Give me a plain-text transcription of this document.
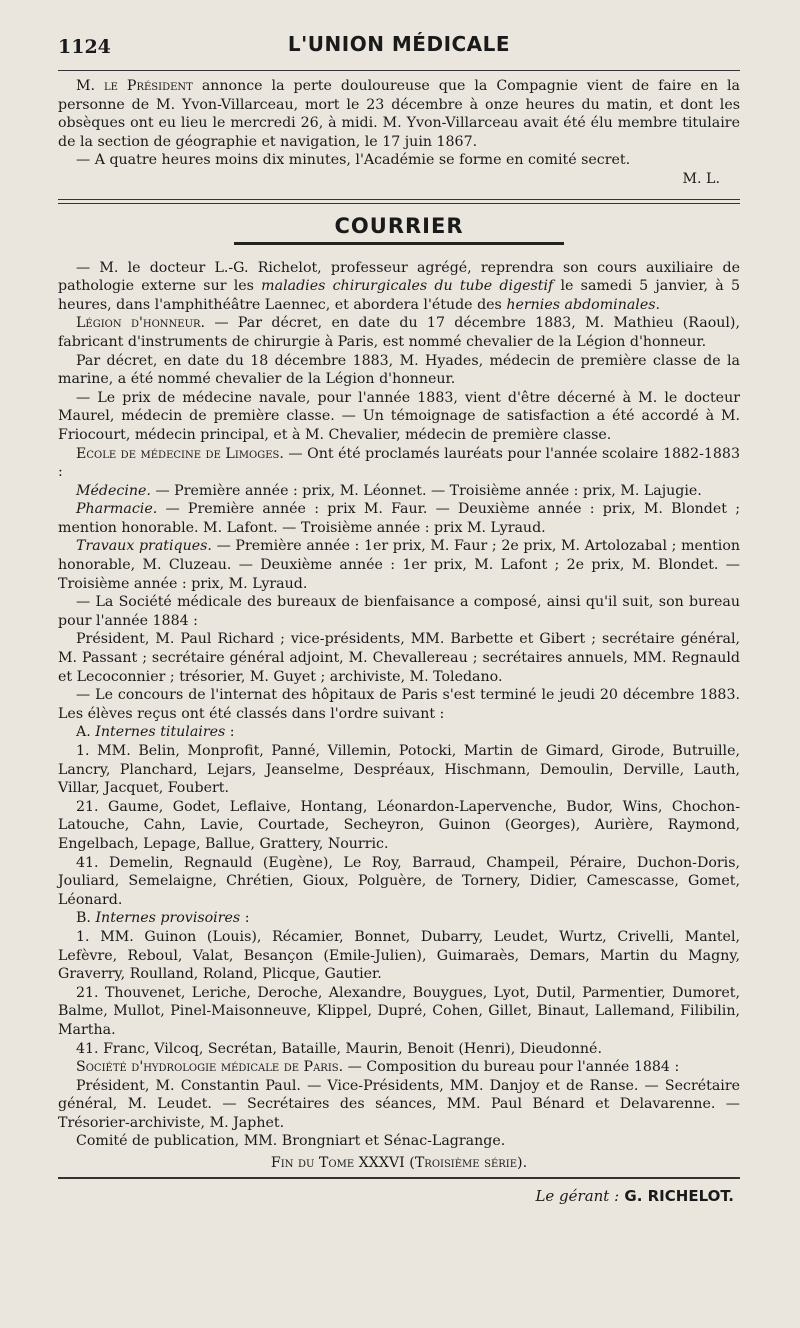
1124	L'UNION MÉDICALE

M. le Président annonce la perte douloureuse que la Compagnie vient de faire en la personne de M. Yvon-Villarceau, mort le 23 décembre à onze heures du matin, et dont les obsèques ont eu lieu le mercredi 26, à midi. M. Yvon-Villarceau avait été élu membre titulaire de la section de géographie et navigation, le 17 juin 1867.

— A quatre heures moins dix minutes, l'Académie se forme en comité secret.

M. L.
COURRIER

— M. le docteur L.-G. Richelot, professeur agrégé, reprendra son cours auxiliaire de pathologie externe sur les maladies chirurgicales du tube digestif le samedi 5 janvier, à 5 heures, dans l'amphithéâtre Laennec, et abordera l'étude des hernies abdominales.

Légion d'honneur. — Par décret, en date du 17 décembre 1883, M. Mathieu (Raoul), fabricant d'instruments de chirurgie à Paris, est nommé chevalier de la Légion d'honneur.

Par décret, en date du 18 décembre 1883, M. Hyades, médecin de première classe de la marine, a été nommé chevalier de la Légion d'honneur.

— Le prix de médecine navale, pour l'année 1883, vient d'être décerné à M. le docteur Maurel, médecin de première classe. — Un témoignage de satisfaction a été accordé à M. Friocourt, médecin principal, et à M. Chevalier, médecin de première classe.

Ecole de médecine de Limoges. — Ont été proclamés lauréats pour l'année scolaire 1882-1883 :

Médecine. — Première année : prix, M. Léonnet. — Troisième année : prix, M. Lajugie.

Pharmacie. — Première année : prix M. Faur. — Deuxième année : prix, M. Blondet ; mention honorable. M. Lafont. — Troisième année : prix M. Lyraud.

Travaux pratiques. — Première année : 1er prix, M. Faur ; 2e prix, M. Artolozabal ; mention honorable, M. Cluzeau. — Deuxième année : 1er prix, M. Lafont ; 2e prix, M. Blondet. — Troisième année : prix, M. Lyraud.

— La Société médicale des bureaux de bienfaisance a composé, ainsi qu'il suit, son bureau pour l'année 1884 :

Président, M. Paul Richard ; vice-présidents, MM. Barbette et Gibert ; secrétaire général, M. Passant ; secrétaire général adjoint, M. Chevallereau ; secrétaires annuels, MM. Regnauld et Lecoconnier ; trésorier, M. Guyet ; archiviste, M. Toledano.

— Le concours de l'internat des hôpitaux de Paris s'est terminé le jeudi 20 décembre 1883. Les élèves reçus ont été classés dans l'ordre suivant :

A. Internes titulaires :

1. MM. Belin, Monprofit, Panné, Villemin, Potocki, Martin de Gimard, Girode, Butruille, Lancry, Planchard, Lejars, Jeanselme, Despréaux, Hischmann, Demoulin, Derville, Lauth, Villar, Jacquet, Foubert.

21. Gaume, Godet, Leflaive, Hontang, Léonardon-Lapervenche, Budor, Wins, Chochon-Latouche, Cahn, Lavie, Courtade, Secheyron, Guinon (Georges), Aurière, Raymond, Engelbach, Lepage, Ballue, Grattery, Nourric.

41. Demelin, Regnauld (Eugène), Le Roy, Barraud, Champeil, Péraire, Duchon-Doris, Jouliard, Semelaigne, Chrétien, Gioux, Polguère, de Tornery, Didier, Camescasse, Gomet, Léonard.

B. Internes provisoires :

1. MM. Guinon (Louis), Récamier, Bonnet, Dubarry, Leudet, Wurtz, Crivelli, Mantel, Lefèvre, Reboul, Valat, Besançon (Emile-Julien), Guimaraès, Demars, Martin du Magny, Graverry, Roulland, Roland, Plicque, Gautier.

21. Thouvenet, Leriche, Deroche, Alexandre, Bouygues, Lyot, Dutil, Parmentier, Dumoret, Balme, Mullot, Pinel-Maisonneuve, Klippel, Dupré, Cohen, Gillet, Binaut, Lallemand, Filibilin, Martha.

41. Franc, Vilcoq, Secrétan, Bataille, Maurin, Benoit (Henri), Dieudonné.

Société d'hydrologie médicale de Paris. — Composition du bureau pour l'année 1884 :

Président, M. Constantin Paul. — Vice-Présidents, MM. Danjoy et de Ranse. — Secrétaire général, M. Leudet. — Secrétaires des séances, MM. Paul Bénard et Delavarenne. — Trésorier-archiviste, M. Japhet.

Comité de publication, MM. Brongniart et Sénac-Lagrange.

Fin du Tome XXXVI (Troisième série).
Le gérant : G. RICHELOT.
